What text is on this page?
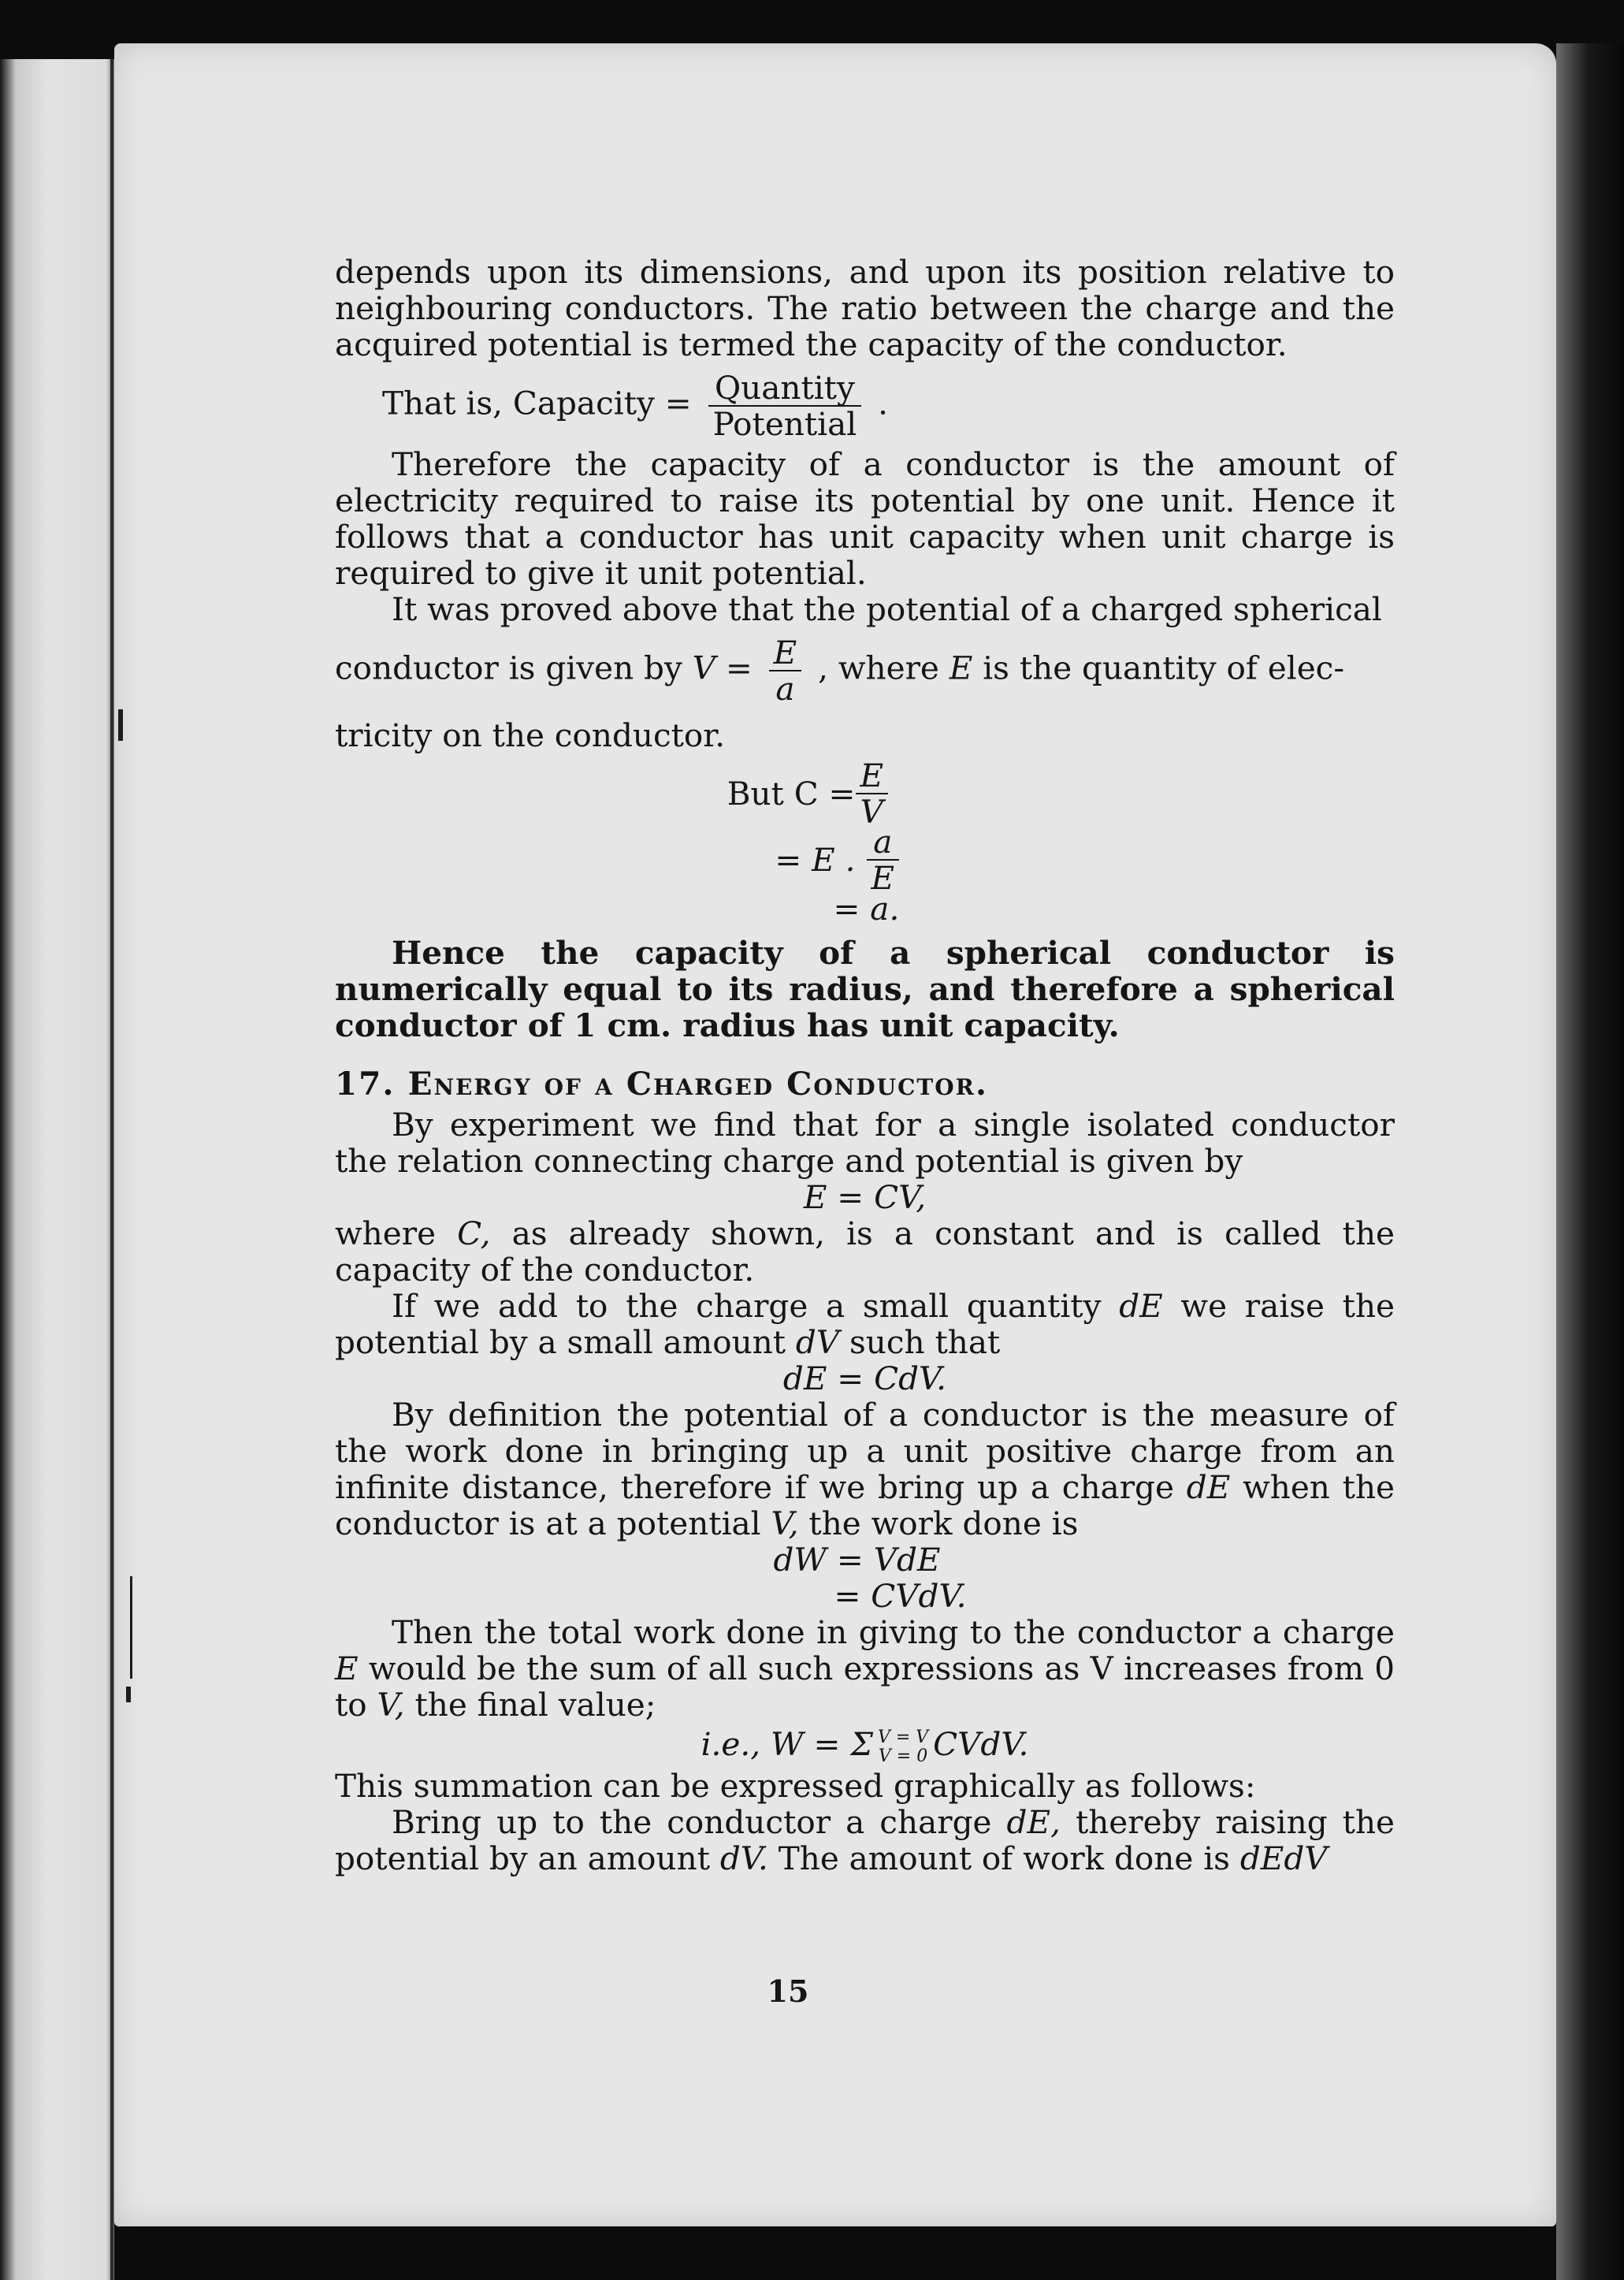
depends upon its dimensions, and upon its position relative to neighbouring conductors. The ratio between the charge and the acquired potential is termed the capacity of the conductor.

That is, Capacity = $\frac{\text{Quantity}}{\text{Potential}}$ .

Therefore the capacity of a conductor is the amount of electricity required to raise its potential by one unit. Hence it follows that a conductor has unit capacity when unit charge is required to give it unit potential.

It was proved above that the potential of a charged spherical

conductor is given by $V = \frac{E}{a}$ , where E is the quantity of elec-

tricity on the conductor.

But $C = \frac{E}{V}$
= E . $\frac{a}{E}$
= a.

Hence the capacity of a spherical conductor is numerically equal to its radius, and therefore a spherical conductor of 1 cm. radius has unit capacity.

17. Energy of a Charged Conductor.

By experiment we find that for a single isolated conductor the relation connecting charge and potential is given by

E = CV,

where C, as already shown, is a constant and is called the capacity of the conductor.

If we add to the charge a small quantity dE we raise the potential by a small amount dV such that

dE = CdV.

By definition the potential of a conductor is the measure of the work done in bringing up a unit positive charge from an infinite distance, therefore if we bring up a charge dE when the conductor is at a potential V, the work done is

dW = VdE

= CVdV.

Then the total work done in giving to the conductor a charge E would be the sum of all such expressions as V increases from 0 to V, the final value;

i.e., W = Σ V = V
V = 0 CVdV.

This summation can be expressed graphically as follows:

Bring up to the conductor a charge dE, thereby raising the potential by an amount dV. The amount of work done is dEdV

15
